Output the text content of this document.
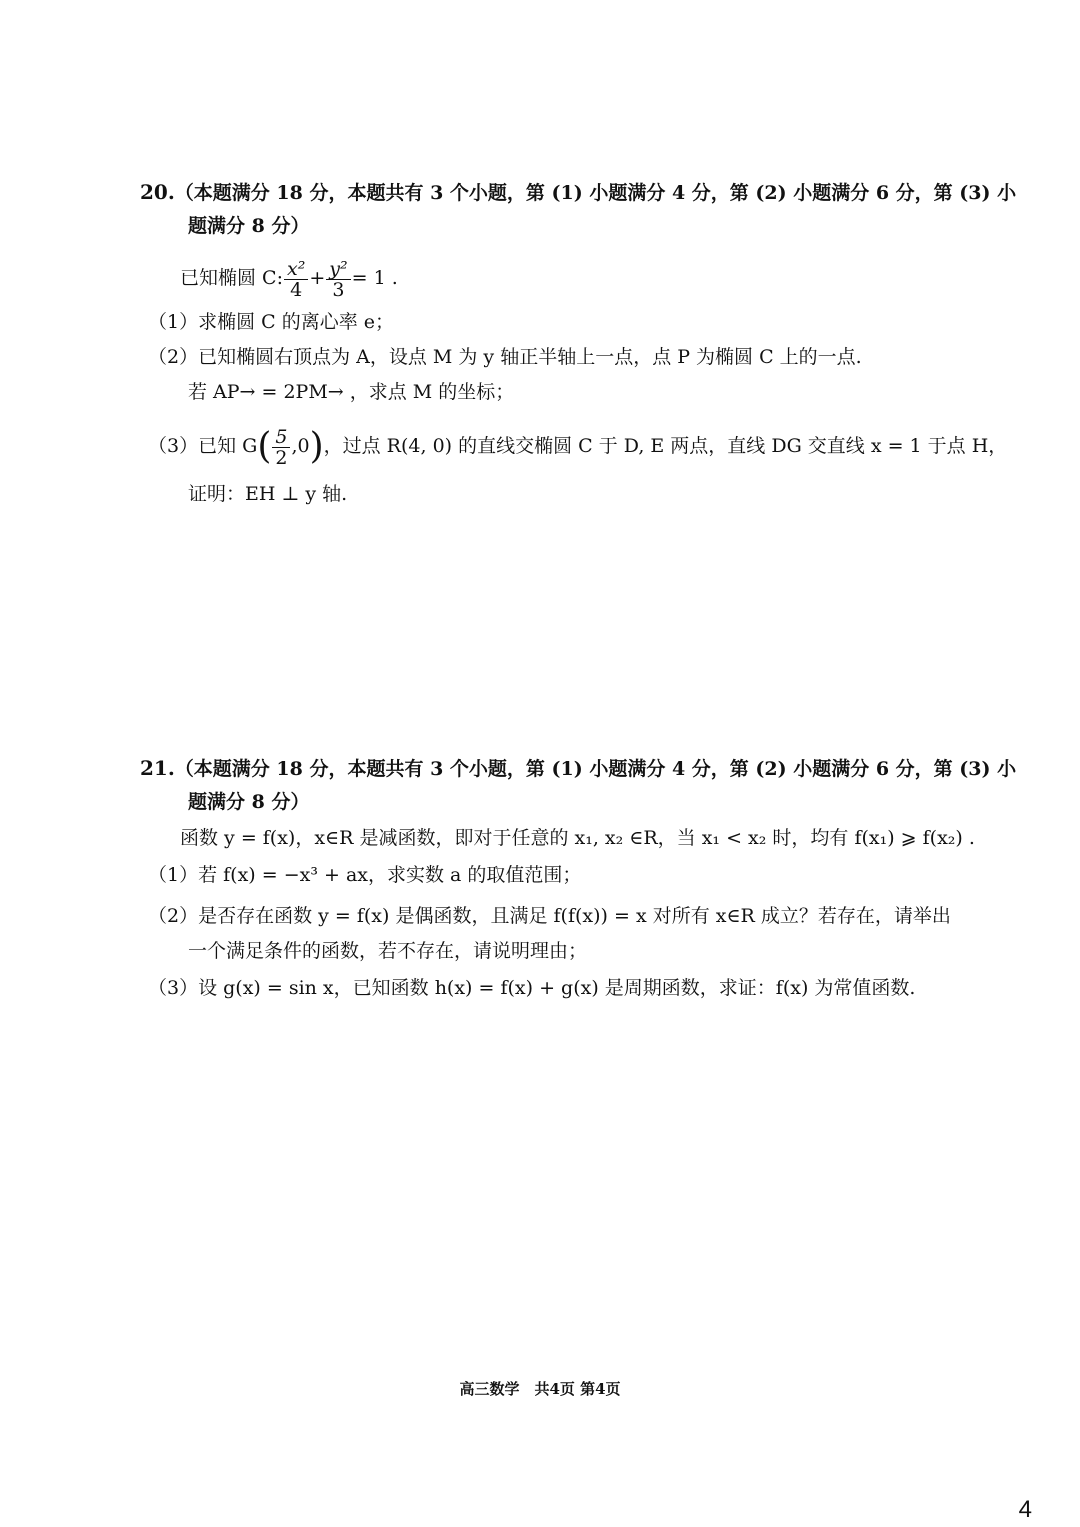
20.（本题满分 18 分，本题共有 3 个小题，第 (1) 小题满分 4 分，第 (2) 小题满分 6 分，第 (3) 小
题满分 8 分）
已知椭圆 C: $\frac{\text{x²}}{4} + \frac{\text{y²}}{3} = 1$ .
（1）求椭圆 C 的离心率 e；
（2）已知椭圆右顶点为 A，设点 M 为 y 轴正半轴上一点，点 P 为椭圆 C 上的一点.
若 AP→ = 2PM→ ，求点 M 的坐标；
（3）已知 $G( \frac{5}{2} ,0)$，过点 R(4, 0) 的直线交椭圆 C 于 D, E 两点，直线 DG 交直线 x = 1 于点 H，
证明：EH ⊥ y 轴.
21.（本题满分 18 分，本题共有 3 个小题，第 (1) 小题满分 4 分，第 (2) 小题满分 6 分，第 (3) 小
题满分 8 分）
函数 y = f(x)，x∈R 是减函数，即对于任意的 x₁, x₂ ∈R，当 x₁ < x₂ 时，均有 f(x₁) ⩾ f(x₂) .
（1）若 f(x) = −x³ + ax，求实数 a 的取值范围；
（2）是否存在函数 y = f(x) 是偶函数，且满足 f(f(x)) = x 对所有 x∈R 成立？若存在，请举出
一个满足条件的函数，若不存在，请说明理由；
（3）设 g(x) = sin x，已知函数 h(x) = f(x) + g(x) 是周期函数，求证：f(x) 为常值函数.
高三数学　共4页 第4页
4
